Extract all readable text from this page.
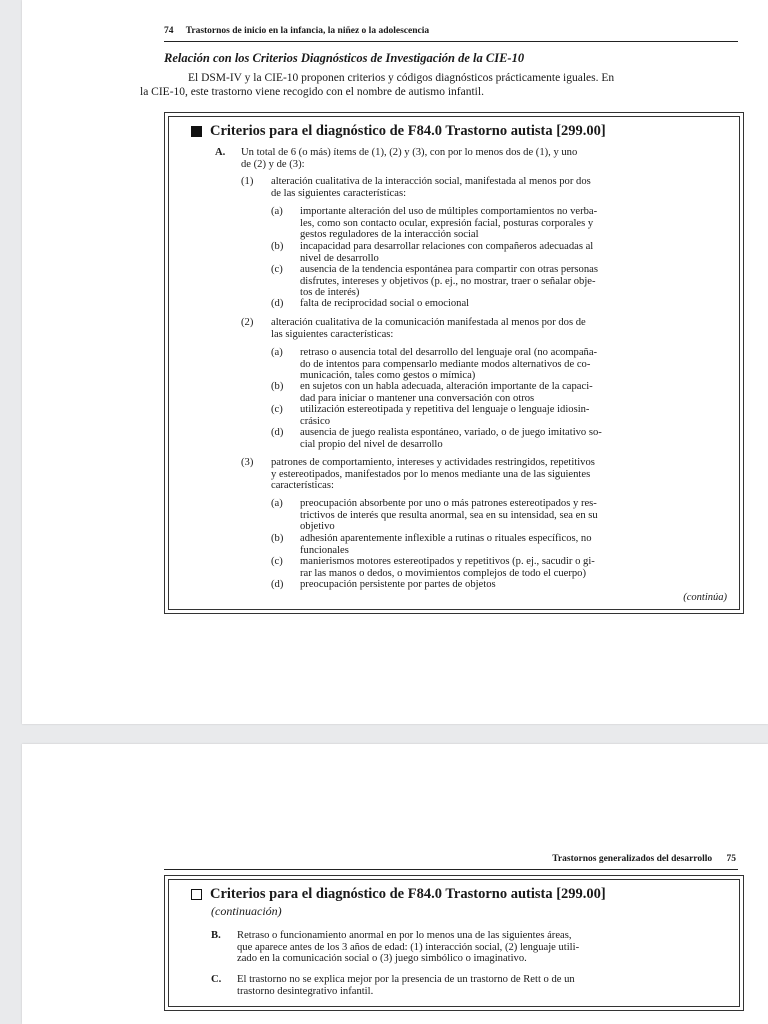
74 Trastornos de inicio en la infancia, la niñez o la adolescencia
Relación con los Criterios Diagnósticos de Investigación de la CIE-10
El DSM-IV y la CIE-10 proponen criterios y códigos diagnósticos prácticamente iguales. En
la CIE-10, este trastorno viene recogido con el nombre de autismo infantil.
Criterios para el diagnóstico de F84.0 Trastorno autista [299.00]
A. Un total de 6 (o más) ítems de (1), (2) y (3), con por lo menos dos de (1), y uno
de (2) y de (3):
(1) alteración cualitativa de la interacción social, manifestada al menos por dos
de las siguientes características:
(a) importante alteración del uso de múltiples comportamientos no verba-
les, como son contacto ocular, expresión facial, posturas corporales y
gestos reguladores de la interacción social
(b) incapacidad para desarrollar relaciones con compañeros adecuadas al
nivel de desarrollo
(c) ausencia de la tendencia espontánea para compartir con otras personas
disfrutes, intereses y objetivos (p. ej., no mostrar, traer o señalar obje-
tos de interés)
(d) falta de reciprocidad social o emocional
(2) alteración cualitativa de la comunicación manifestada al menos por dos de
las siguientes características:
(a) retraso o ausencia total del desarrollo del lenguaje oral (no acompaña-
do de intentos para compensarlo mediante modos alternativos de co-
municación, tales como gestos o mímica)
(b) en sujetos con un habla adecuada, alteración importante de la capaci-
dad para iniciar o mantener una conversación con otros
(c) utilización estereotipada y repetitiva del lenguaje o lenguaje idiosin-
crásico
(d) ausencia de juego realista espontáneo, variado, o de juego imitativo so-
cial propio del nivel de desarrollo
(3) patrones de comportamiento, intereses y actividades restringidos, repetitivos
y estereotipados, manifestados por lo menos mediante una de las siguientes
características:
(a) preocupación absorbente por uno o más patrones estereotipados y res-
trictivos de interés que resulta anormal, sea en su intensidad, sea en su
objetivo
(b) adhesión aparentemente inflexible a rutinas o rituales específicos, no
funcionales
(c) manierismos motores estereotipados y repetitivos (p. ej., sacudir o gi-
rar las manos o dedos, o movimientos complejos de todo el cuerpo)
(d) preocupación persistente por partes de objetos
(continúa)
Trastornos generalizados del desarrollo 75
Criterios para el diagnóstico de F84.0 Trastorno autista [299.00]
(continuación)
B. Retraso o funcionamiento anormal en por lo menos una de las siguientes áreas,
que aparece antes de los 3 años de edad: (1) interacción social, (2) lenguaje utili-
zado en la comunicación social o (3) juego simbólico o imaginativo.
C. El trastorno no se explica mejor por la presencia de un trastorno de Rett o de un
trastorno desintegrativo infantil.
